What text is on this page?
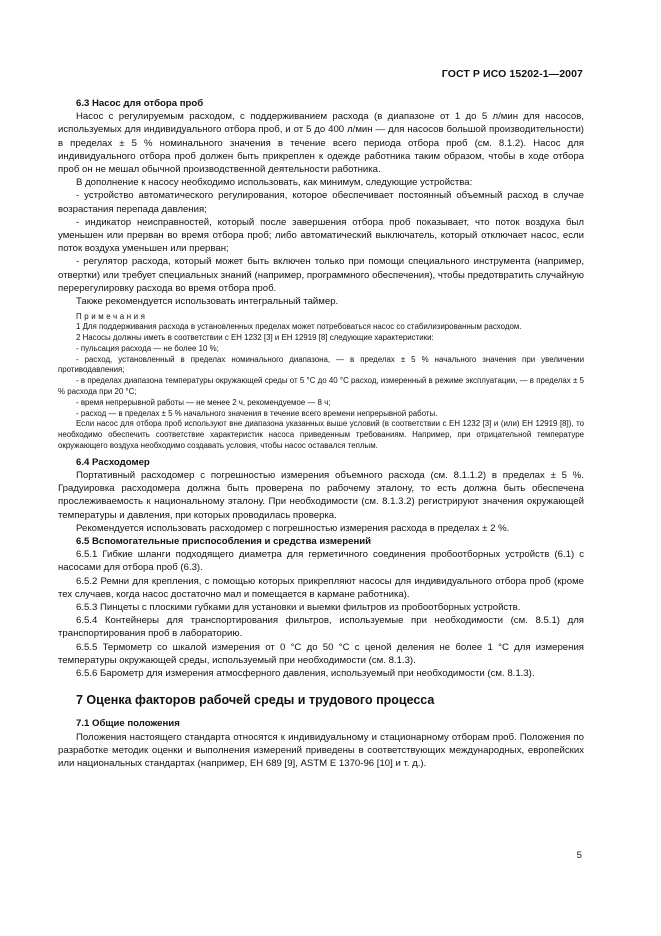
ГОСТ Р ИСО 15202-1—2007

6.3 Насос для отбора проб

Насос с регулируемым расходом, с поддерживанием расхода (в диапазоне от 1 до 5 л/мин для насосов, используемых для индивидуального отбора проб, и от 5 до 400 л/мин — для насосов большой производительности) в пределах ± 5 % номинального значения в течение всего периода отбора проб (см. 8.1.2). Насос для индивидуального отбора проб должен быть прикреплен к одежде работника таким образом, чтобы в ходе отбора проб он не мешал обычной производственной деятельности работника.

В дополнение к насосу необходимо использовать, как минимум, следующие устройства:

- устройство автоматического регулирования, которое обеспечивает постоянный объемный расход в случае возрастания перепада давления;

- индикатор неисправностей, который после завершения отбора проб показывает, что поток воздуха был уменьшен или прерван во время отбора проб; либо автоматический выключатель, который отключает насос, если поток воздуха уменьшен или прерван;

- регулятор расхода, который может быть включен только при помощи специального инструмента (например, отвертки) или требует специальных знаний (например, программного обеспечения), чтобы предотвратить случайную перерегулировку расхода во время отбора проб.

Также рекомендуется использовать интегральный таймер.

Примечания

1 Для поддерживания расхода в установленных пределах может потребоваться насос со стабилизированным расходом.

2 Насосы должны иметь в соответствии с ЕН 1232 [3] и ЕН 12919 [8] следующие характеристики:

- пульсация расхода — не более 10 %;

- расход, установленный в пределах номинального диапазона, — в пределах ± 5 % начального значения при увеличении противодавления;

- в пределах диапазона температуры окружающей среды от 5 °С до 40 °С расход, измеренный в режиме эксплуатации, — в пределах ± 5 % расхода при 20 °С;

- время непрерывной работы — не менее 2 ч, рекомендуемое — 8 ч;

- расход — в пределах ± 5 % начального значения в течение всего времени непрерывной работы.

Если насос для отбора проб используют вне диапазона указанных выше условий (в соответствии с ЕН 1232 [3] и (или) ЕН 12919 [8]), то необходимо обеспечить соответствие характеристик насоса приведенным требованиям. Например, при отрицательной температуре окружающего воздуха необходимо создавать условия, чтобы насос оставался теплым.

6.4 Расходомер

Портативный расходомер с погрешностью измерения объемного расхода (см. 8.1.1.2) в пределах ± 5 %. Градуировка расходомера должна быть проверена по рабочему эталону, то есть должна быть обеспечена прослеживаемость к национальному эталону. При необходимости (см. 8.1.3.2) регистрируют значения окружающей температуры и давления, при которых проводилась проверка.

Рекомендуется использовать расходомер с погрешностью измерения расхода в пределах ± 2 %.

6.5 Вспомогательные приспособления и средства измерений

6.5.1 Гибкие шланги подходящего диаметра для герметичного соединения пробоотборных устройств (6.1) с насосами для отбора проб (6.3).

6.5.2 Ремни для крепления, с помощью которых прикрепляют насосы для индивидуального отбора проб (кроме тех случаев, когда насос достаточно мал и помещается в кармане работника).

6.5.3 Пинцеты с плоскими губками для установки и выемки фильтров из пробоотборных устройств.

6.5.4 Контейнеры для транспортирования фильтров, используемые при необходимости (см. 8.5.1) для транспортирования проб в лабораторию.

6.5.5 Термометр со шкалой измерения от 0 °С до 50 °С с ценой деления не более 1 °С для измерения температуры окружающей среды, используемый при необходимости (см. 8.1.3).

6.5.6 Барометр для измерения атмосферного давления, используемый при необходимости (см. 8.1.3).

7 Оценка факторов рабочей среды и трудового процесса

7.1 Общие положения

Положения настоящего стандарта относятся к индивидуальному и стационарному отборам проб. Положения по разработке методик оценки и выполнения измерений приведены в соответствующих международных, европейских или национальных стандартах (например, ЕН 689 [9], ASTM E 1370-96 [10] и т. д.).

5
